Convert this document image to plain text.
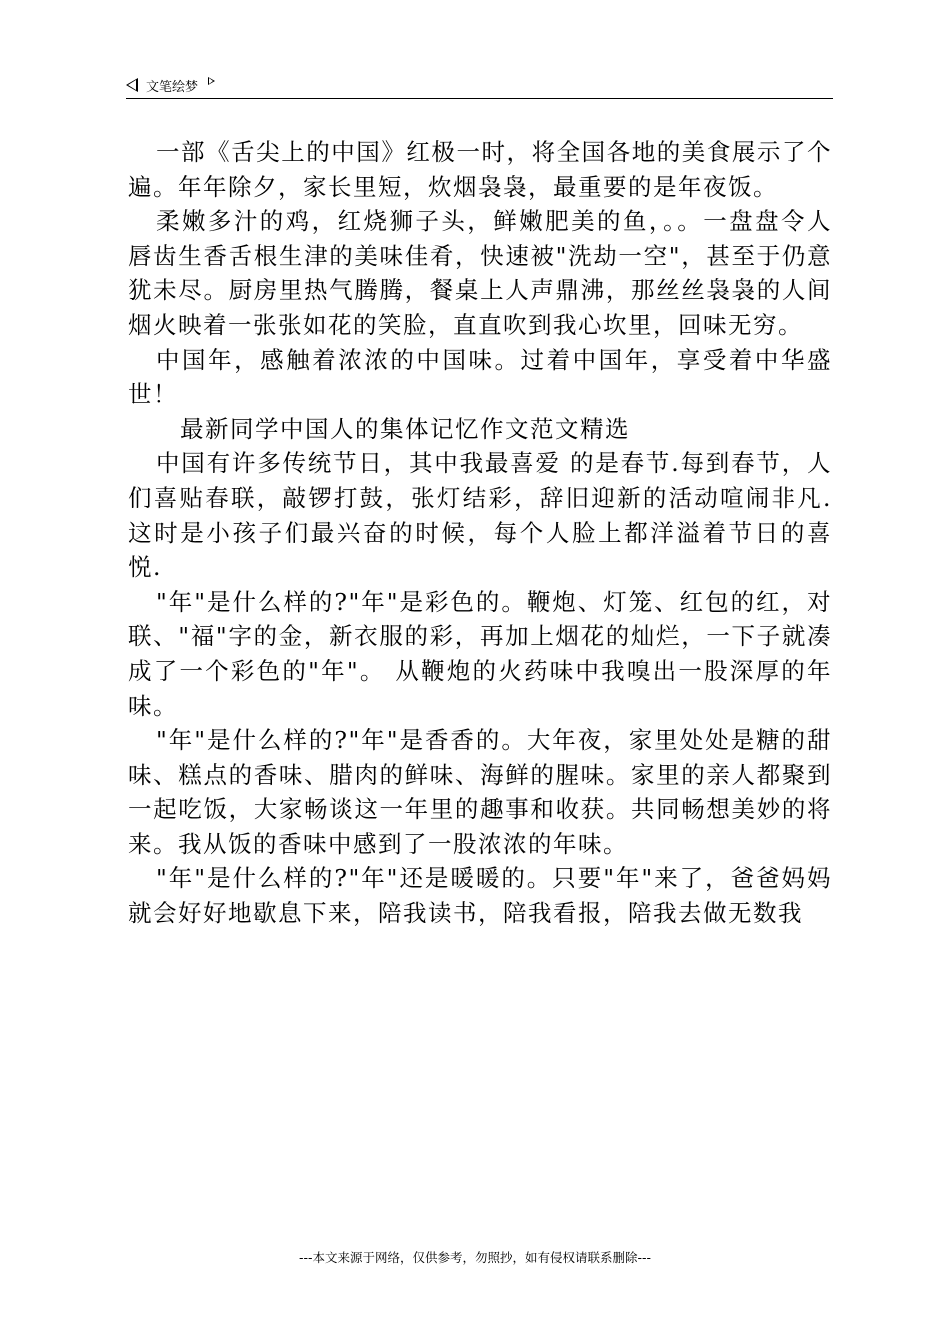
文笔绘梦

一部《舌尖上的中国》红极一时，将全国各地的美食展示了个遍。年年除夕，家长里短，炊烟袅袅，最重要的是年夜饭。

柔嫩多汁的鸡，红烧狮子头，鲜嫩肥美的鱼，。。一盘盘令人唇齿生香舌根生津的美味佳肴，快速被"洗劫一空"，甚至于仍意犹未尽。厨房里热气腾腾，餐桌上人声鼎沸，那丝丝袅袅的人间烟火映着一张张如花的笑脸，直直吹到我心坎里，回味无穷。

中国年，感触着浓浓的中国味。过着中国年，享受着中华盛世！

最新同学中国人的集体记忆作文范文精选

中国有许多传统节日，其中我最喜爱 的是春节.每到春节，人们喜贴春联，敲锣打鼓，张灯结彩，辞旧迎新的活动喧闹非凡.这时是小孩子们最兴奋的时候，每个人脸上都洋溢着节日的喜悦.

"年"是什么样的?"年"是彩色的。鞭炮、灯笼、红包的红，对联、"福"字的金，新衣服的彩，再加上烟花的灿烂，一下子就凑成了一个彩色的"年"。 从鞭炮的火药味中我嗅出一股深厚的年味。

"年"是什么样的?"年"是香香的。大年夜，家里处处是糖的甜味、糕点的香味、腊肉的鲜味、海鲜的腥味。家里的亲人都聚到一起吃饭，大家畅谈这一年里的趣事和收获。共同畅想美妙的将来。我从饭的香味中感到了一股浓浓的年味。

"年"是什么样的?"年"还是暖暖的。只要"年"来了，爸爸妈妈就会好好地歇息下来，陪我读书，陪我看报，陪我去做无数我

---本文来源于网络，仅供参考，勿照抄，如有侵权请联系删除---
